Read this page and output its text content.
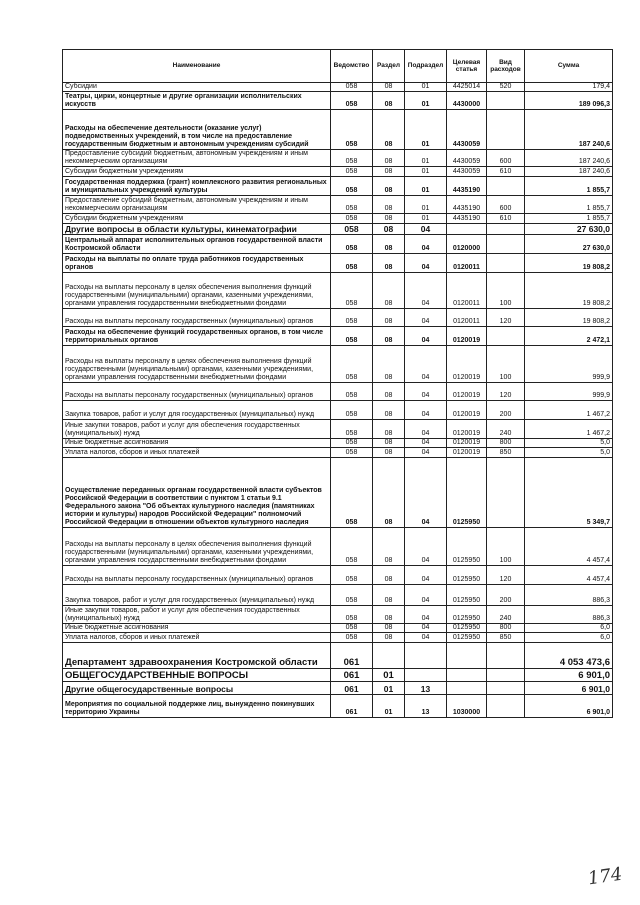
Наименование	Ведомство	Раздел	Подраздел	Целевая статья	Вид расходов	Сумма
Субсидии	058	08	01	4425014	520	179,4
Театры, цирки, концертные и другие организации исполнительских искусств	058	08	01	4430000		189 096,3
Расходы на обеспечение деятельности (оказание услуг) подведомственных учреждений, в том числе на предоставление государственным бюджетным и автономным учреждениям субсидий	058	08	01	4430059		187 240,6
Предоставление субсидий бюджетным, автономным учреждениям и иным некоммерческим организациям	058	08	01	4430059	600	187 240,6
Субсидии бюджетным учреждениям	058	08	01	4430059	610	187 240,6
Государственная поддержка (грант) комплексного развития региональных и муниципальных учреждений культуры	058	08	01	4435190		1 855,7
Предоставление субсидий бюджетным, автономным учреждениям и иным некоммерческим организациям	058	08	01	4435190	600	1 855,7
Субсидии бюджетным учреждениям	058	08	01	4435190	610	1 855,7
Другие вопросы в области культуры, кинематографии	058	08	04			27 630,0
Центральный аппарат исполнительных органов государственной власти Костромской области	058	08	04	0120000		27 630,0
Расходы на выплаты по оплате труда работников государственных органов	058	08	04	0120011		19 808,2
Расходы на выплаты персоналу в целях обеспечения выполнения функций государственными (муниципальными) органами, казенными учреждениями, органами управления государственными внебюджетными фондами	058	08	04	0120011	100	19 808,2
Расходы на выплаты персоналу государственных (муниципальных) органов	058	08	04	0120011	120	19 808,2
Расходы на обеспечение функций государственных органов, в том числе территориальных органов	058	08	04	0120019		2 472,1
Расходы на выплаты персоналу в целях обеспечения выполнения функций государственными (муниципальными) органами, казенными учреждениями, органами управления государственными внебюджетными фондами	058	08	04	0120019	100	999,9
Расходы на выплаты персоналу государственных (муниципальных) органов	058	08	04	0120019	120	999,9
Закупка товаров, работ и услуг для государственных (муниципальных) нужд	058	08	04	0120019	200	1 467,2
Иные закупки товаров, работ и услуг для обеспечения государственных (муниципальных) нужд	058	08	04	0120019	240	1 467,2
Иные бюджетные ассигнования	058	08	04	0120019	800	5,0
Уплата налогов, сборов и иных платежей	058	08	04	0120019	850	5,0
Осуществление переданных органам государственной власти субъектов Российской Федерации в соответствии с пунктом 1 статьи 9.1 Федерального закона "Об объектах культурного наследия (памятниках истории и культуры) народов Российской Федерации" полномочий Российской Федерации в отношении объектов культурного наследия	058	08	04	0125950		5 349,7
Расходы на выплаты персоналу в целях обеспечения выполнения функций государственными (муниципальными) органами, казенными учреждениями, органами управления государственными внебюджетными фондами	058	08	04	0125950	100	4 457,4
Расходы на выплаты персоналу государственных (муниципальных) органов	058	08	04	0125950	120	4 457,4
Закупка товаров, работ и услуг для государственных (муниципальных) нужд	058	08	04	0125950	200	886,3
Иные закупки товаров, работ и услуг для обеспечения государственных (муниципальных) нужд	058	08	04	0125950	240	886,3
Иные бюджетные ассигнования	058	08	04	0125950	800	6,0
Уплата налогов, сборов и иных платежей	058	08	04	0125950	850	6,0
Департамент здравоохранения Костромской области	061					4 053 473,6
ОБЩЕГОСУДАРСТВЕННЫЕ ВОПРОСЫ	061	01				6 901,0
Другие общегосударственные вопросы	061	01	13			6 901,0
Мероприятия по социальной поддержке лиц, вынужденно покинувших территорию Украины	061	01	13	1030000		6 901,0
174
